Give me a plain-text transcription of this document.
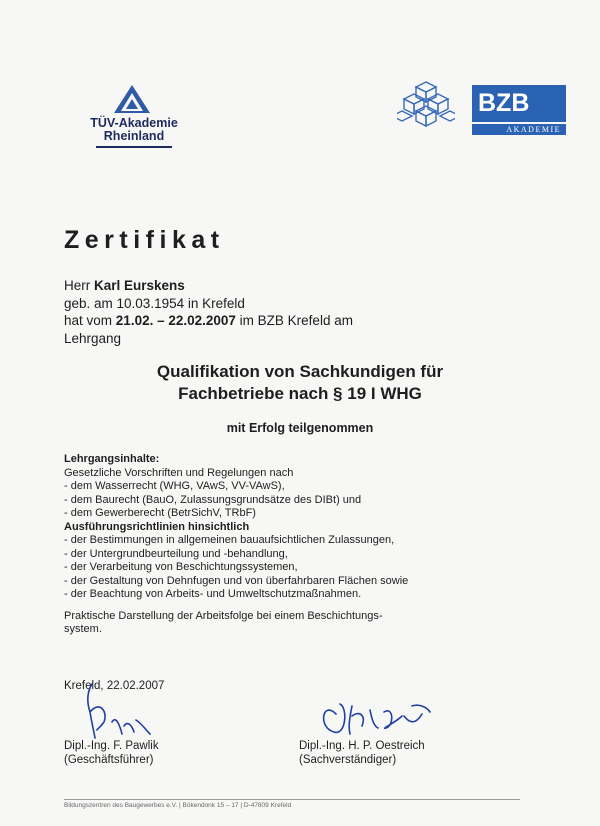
TÜV-Akademie
Rheinland
BZB
AKADEMIE
Zertifikat
Herr Karl Eurskens
geb. am 10.03.1954 in Krefeld
hat vom 21.02. – 22.02.2007 im BZB Krefeld am
Lehrgang
Qualifikation von Sachkundigen für
Fachbetriebe nach § 19 I WHG
mit Erfolg teilgenommen
Lehrgangsinhalte:
Gesetzliche Vorschriften und Regelungen nach
- dem Wasserrecht (WHG, VAwS, VV-VAwS),
- dem Baurecht (BauO, Zulassungsgrundsätze des DIBt) und
- dem Gewerberecht (BetrSichV, TRbF)
Ausführungsrichtlinien hinsichtlich
- der Bestimmungen in allgemeinen bauaufsichtlichen Zulassungen,
- der Untergrundbeurteilung und -behandlung,
- der Verarbeitung von Beschichtungssystemen,
- der Gestaltung von Dehnfugen und von überfahrbaren Flächen sowie
- der Beachtung von Arbeits- und Umweltschutzmaßnahmen.
Praktische Darstellung der Arbeitsfolge bei einem Beschichtungs-
system.
Krefeld, 22.02.2007
Dipl.-Ing. F. Pawlik
(Geschäftsführer)
Dipl.-Ing. H. P. Oestreich
(Sachverständiger)
Bildungszentren des Baugewerbes e.V. | Bökendonk 15 – 17 | D-47809 Krefeld
